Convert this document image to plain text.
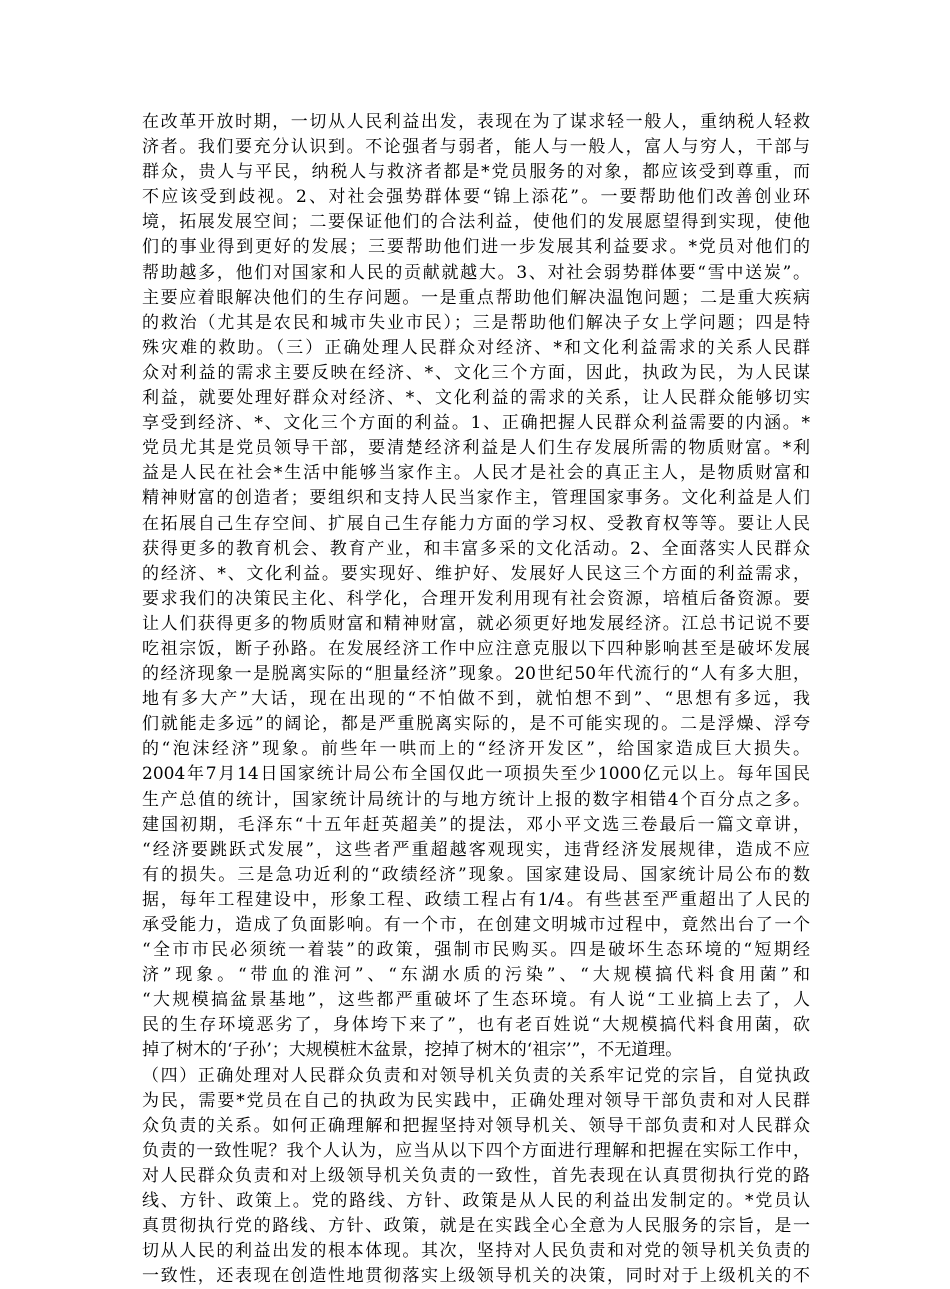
在改革开放时期，一切从人民利益出发，表现在为了谋求轻一般人，重纳税人轻救
济者。我们要充分认识到。不论强者与弱者，能人与一般人，富人与穷人，干部与
群众，贵人与平民，纳税人与救济者都是*党员服务的对象，都应该受到尊重，而
不应该受到歧视。2、对社会强势群体要“锦上添花”。一要帮助他们改善创业环
境，拓展发展空间；二要保证他们的合法利益，使他们的发展愿望得到实现，使他
们的事业得到更好的发展；三要帮助他们进一步发展其利益要求。*党员对他们的
帮助越多，他们对国家和人民的贡献就越大。3、对社会弱势群体要“雪中送炭”。
主要应着眼解决他们的生存问题。一是重点帮助他们解决温饱问题；二是重大疾病
的救治（尤其是农民和城市失业市民）；三是帮助他们解决子女上学问题；四是特
殊灾难的救助。（三）正确处理人民群众对经济、*和文化利益需求的关系人民群
众对利益的需求主要反映在经济、*、文化三个方面，因此，执政为民，为人民谋
利益，就要处理好群众对经济、*、文化利益的需求的关系，让人民群众能够切实
享受到经济、*、文化三个方面的利益。1、正确把握人民群众利益需要的内涵。*
党员尤其是党员领导干部，要清楚经济利益是人们生存发展所需的物质财富。*利
益是人民在社会*生活中能够当家作主。人民才是社会的真正主人，是物质财富和
精神财富的创造者；要组织和支持人民当家作主，管理国家事务。文化利益是人们
在拓展自己生存空间、扩展自己生存能力方面的学习权、受教育权等等。要让人民
获得更多的教育机会、教育产业，和丰富多采的文化活动。2、全面落实人民群众
的经济、*、文化利益。要实现好、维护好、发展好人民这三个方面的利益需求，
要求我们的决策民主化、科学化，合理开发利用现有社会资源，培植后备资源。要
让人们获得更多的物质财富和精神财富，就必须更好地发展经济。江总书记说不要
吃祖宗饭，断子孙路。在发展经济工作中应注意克服以下四种影响甚至是破坏发展
的经济现象一是脱离实际的“胆量经济”现象。20世纪50年代流行的“人有多大胆，
地有多大产”大话，现在出现的“不怕做不到，就怕想不到”、“思想有多远，我
们就能走多远”的阔论，都是严重脱离实际的，是不可能实现的。二是浮燥、浮夸
的“泡沫经济”现象。前些年一哄而上的“经济开发区”，给国家造成巨大损失。
2004年7月14日国家统计局公布全国仅此一项损失至少1000亿元以上。每年国民
生产总值的统计，国家统计局统计的与地方统计上报的数字相错4个百分点之多。
建国初期，毛泽东“十五年赶英超美”的提法，邓小平文选三卷最后一篇文章讲，
“经济要跳跃式发展”，这些者严重超越客观现实，违背经济发展规律，造成不应
有的损失。三是急功近利的“政绩经济”现象。国家建设局、国家统计局公布的数
据，每年工程建设中，形象工程、政绩工程占有1/4。有些甚至严重超出了人民的
承受能力，造成了负面影响。有一个市，在创建文明城市过程中，竟然出台了一个
“全市市民必须统一着装”的政策，强制市民购买。四是破坏生态环境的“短期经
济”现象。“带血的淮河”、“东湖水质的污染”、“大规模搞代料食用菌”和
“大规模搞盆景基地”，这些都严重破坏了生态环境。有人说“工业搞上去了，人
民的生存环境恶劣了，身体垮下来了”，也有老百姓说“大规模搞代料食用菌，砍
掉了树木的‘子孙’；大规模桩木盆景，挖掉了树木的‘祖宗’”，不无道理。
（四）正确处理对人民群众负责和对领导机关负责的关系牢记党的宗旨，自觉执政
为民，需要*党员在自己的执政为民实践中，正确处理对领导干部负责和对人民群
众负责的关系。如何正确理解和把握坚持对领导机关、领导干部负责和对人民群众
负责的一致性呢？我个人认为，应当从以下四个方面进行理解和把握在实际工作中，
对人民群众负责和对上级领导机关负责的一致性，首先表现在认真贯彻执行党的路
线、方针、政策上。党的路线、方针、政策是从人民的利益出发制定的。*党员认
真贯彻执行党的路线、方针、政策，就是在实践全心全意为人民服务的宗旨，是一
切从人民的利益出发的根本体现。其次，坚持对人民负责和对党的领导机关负责的
一致性，还表现在创造性地贯彻落实上级领导机关的决策，同时对于上级机关的不
